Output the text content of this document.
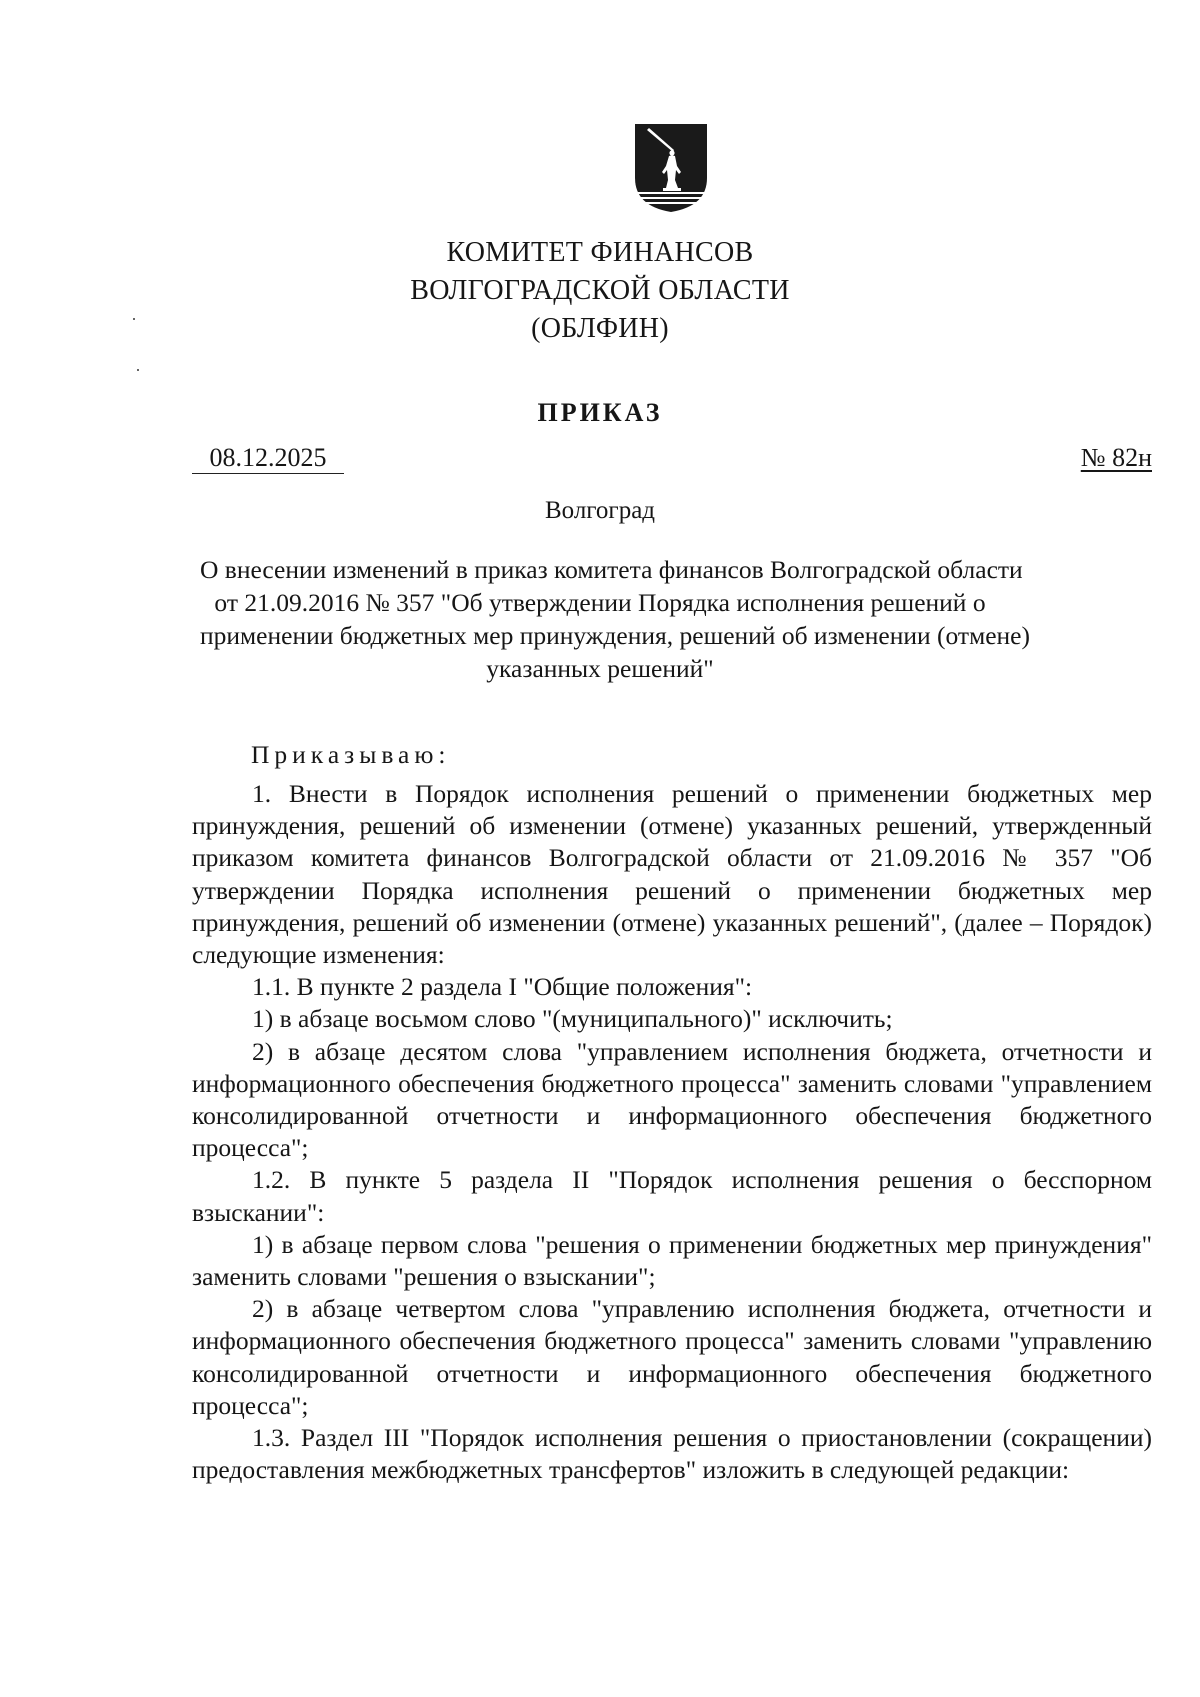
КОМИТЕТ ФИНАНСОВ
ВОЛГОГРАДСКОЙ ОБЛАСТИ
(ОБЛФИН)
ПРИКАЗ
08.12.2025	№ 82н
Волгоград
О внесении изменений в приказ комитета финансов Волгоградской области
от 21.09.2016 № 357 "Об утверждении Порядка исполнения решений о
применении бюджетных мер принуждения, решений об изменении (отмене)
указанных решений"
Приказываю:

1. Внести в Порядок исполнения решений о применении бюджетных мер принуждения, решений об изменении (отмене) указанных решений, утвержденный приказом комитета финансов Волгоградской области от 21.09.2016 № 357 "Об утверждении Порядка исполнения решений о применении бюджетных мер принуждения, решений об изменении (отмене) указанных решений", (далее – Порядок) следующие изменения:

1.1. В пункте 2 раздела I "Общие положения":

1) в абзаце восьмом слово "(муниципального)" исключить;

2) в абзаце десятом слова "управлением исполнения бюджета, отчетности и информационного обеспечения бюджетного процесса" заменить словами "управлением консолидированной отчетности и информационного обеспечения бюджетного процесса";

1.2. В пункте 5 раздела II "Порядок исполнения решения о бесспорном взыскании":

1) в абзаце первом слова "решения о применении бюджетных мер принуждения" заменить словами "решения о взыскании";

2) в абзаце четвертом слова "управлению исполнения бюджета, отчетности и информационного обеспечения бюджетного процесса" заменить словами "управлению консолидированной отчетности и информационного обеспечения бюджетного процесса";

1.3. Раздел III "Порядок исполнения решения о приостановлении (сокращении) предоставления межбюджетных трансфертов" изложить в следующей редакции:
